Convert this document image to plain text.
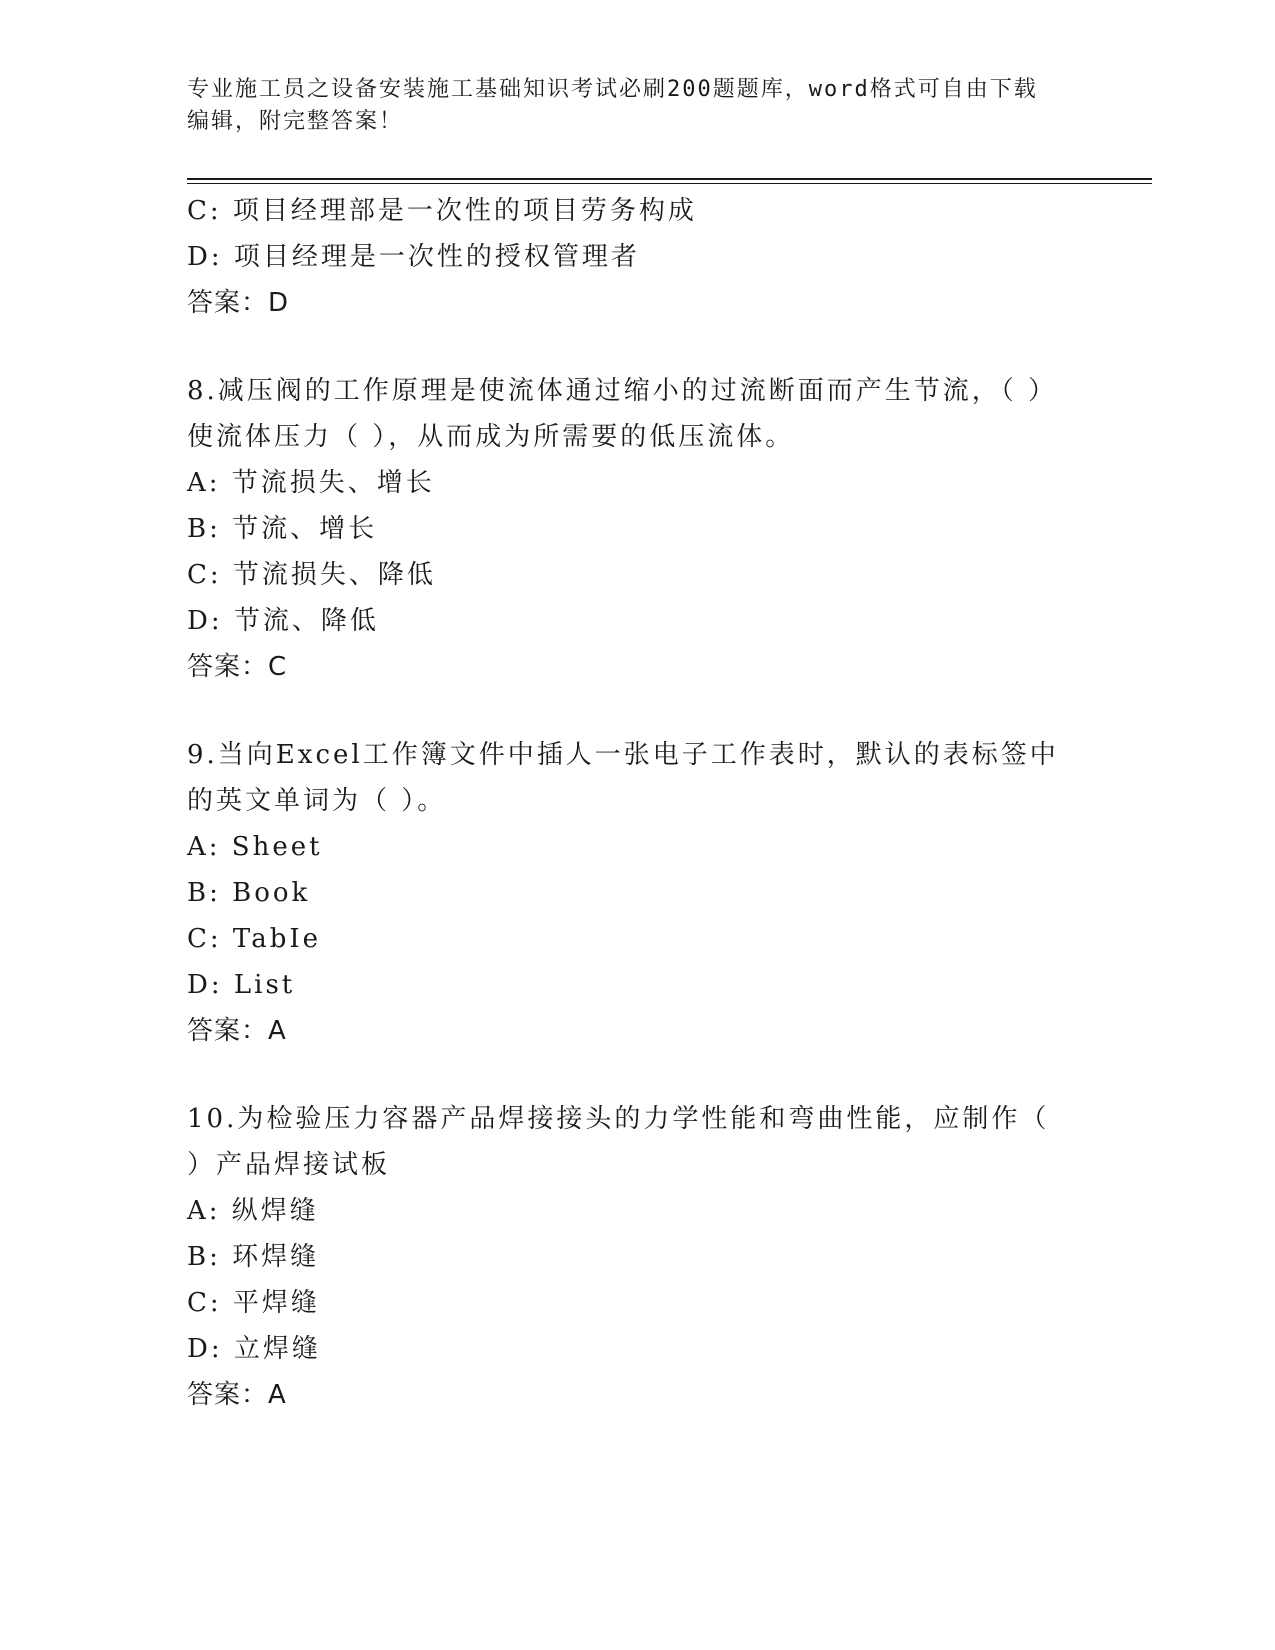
专业施工员之设备安装施工基础知识考试必刷200题题库，word格式可自由下载
编辑，附完整答案！
C: 项目经理部是一次性的项目劳务构成
D: 项目经理是一次性的授权管理者
答案：D
8.减压阀的工作原理是使流体通过缩小的过流断面而产生节流，（ ）
使流体压力（ ），从而成为所需要的低压流体。
A: 节流损失、增长
B: 节流、增长
C: 节流损失、降低
D: 节流、降低
答案：C
9.当向Excel工作簿文件中插人一张电子工作表时，默认的表标签中
的英文单词为（ ）。
A: Sheet
B: Book
C: TabIe
D: List
答案：A
10.为检验压力容器产品焊接接头的力学性能和弯曲性能，应制作（
）产品焊接试板
A: 纵焊缝
B: 环焊缝
C: 平焊缝
D: 立焊缝
答案：A
